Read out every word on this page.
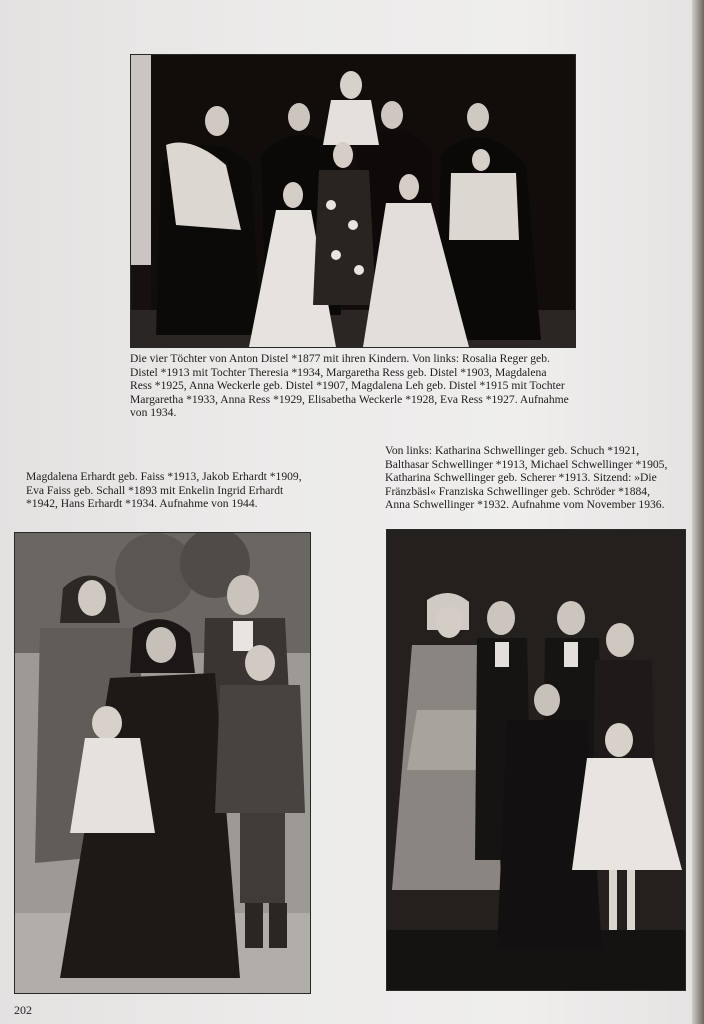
Die vier Töchter von Anton Distel *1877 mit ihren Kindern. Von links: Rosalia Reger geb. Distel *1913 mit Tochter Theresia *1934, Margaretha Ress geb. Distel *1903, Magdalena Ress *1925, Anna Weckerle geb. Distel *1907, Magdalena Leh geb. Distel *1915 mit Tochter Margaretha *1933, Anna Ress *1929, Elisabetha Weckerle *1928, Eva Ress *1927. Aufnahme von 1934.
Von links: Katharina Schwellinger geb. Schuch *1921, Balthasar Schwellinger *1913, Michael Schwellinger *1905, Katharina Schwellinger geb. Scherer *1913. Sitzend: »Die Fränzbäsl« Franziska Schwellinger geb. Schröder *1884, Anna Schwellinger *1932. Aufnahme vom November 1936.
Magdalena Erhardt geb. Faiss *1913, Jakob Erhardt *1909, Eva Faiss geb. Schall *1893 mit Enkelin Ingrid Erhardt *1942, Hans Erhardt *1934. Aufnahme von 1944.
202
